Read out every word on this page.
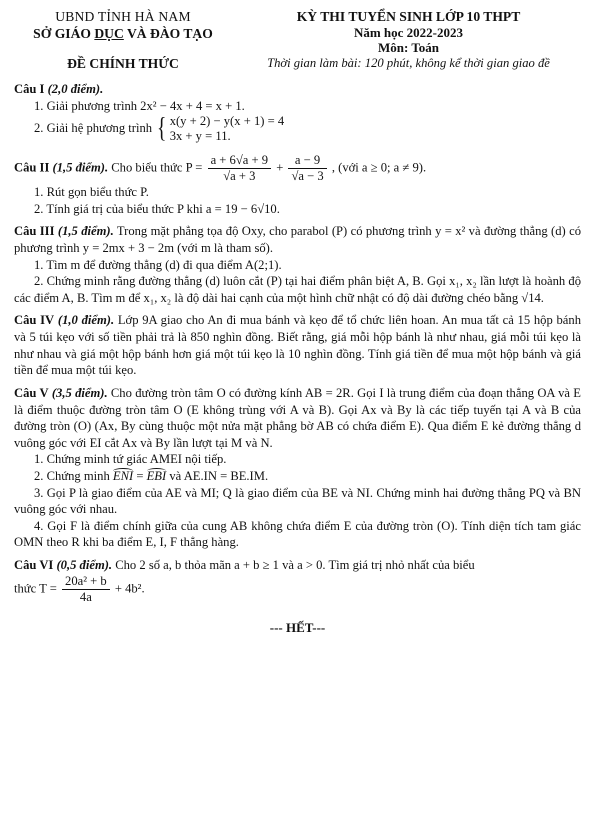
UBND TỈNH HÀ NAM
SỞ GIÁO DỤC VÀ ĐÀO TẠO
ĐỀ CHÍNH THỨC
KỲ THI TUYỂN SINH LỚP 10 THPT
Năm học 2022-2023
Môn: Toán
Thời gian làm bài: 120 phút, không kể thời gian giao đề
Câu I (2,0 điểm).
1. Giải phương trình 2x² − 4x + 4 = x + 1.
2. Giải hệ phương trình { x(y + 2) − y(x + 1) = 4
3x + y = 11.
Câu II (1,5 điểm). Cho biểu thức $P = \frac{a + 6√a + 9}{√a + 3} + \frac{a - 9}{√a - 3}$ , (với a ≥ 0; a ≠ 9).
1. Rút gọn biểu thức P.
2. Tính giá trị của biểu thức P khi a = 19 − 6√10.
Câu III (1,5 điểm). Trong mặt phẳng tọa độ Oxy, cho parabol (P) có phương trình y = x² và đường thẳng (d) có phương trình y = 2mx + 3 − 2m (với m là tham số).
1. Tìm m để đường thẳng (d) đi qua điểm A(2;1).
2. Chứng minh rằng đường thẳng (d) luôn cắt (P) tại hai điểm phân biệt A, B. Gọi x₁, x₂ lần lượt là hoành độ các điểm A, B. Tìm m để x₁, x₂ là độ dài hai cạnh của một hình chữ nhật có độ dài đường chéo bằng √14.
Câu IV (1,0 điểm). Lớp 9A giao cho An đi mua bánh và kẹo để tổ chức liên hoan. An mua tất cả 15 hộp bánh và 5 túi kẹo với số tiền phải trả là 850 nghìn đồng. Biết rằng, giá mỗi hộp bánh là như nhau, giá mỗi túi kẹo là như nhau và giá một hộp bánh hơn giá một túi kẹo là 10 nghìn đồng. Tính giá tiền để mua một hộp bánh và giá tiền để mua một túi kẹo.
Câu V (3,5 điểm). Cho đường tròn tâm O có đường kính AB = 2R. Gọi I là trung điểm của đoạn thẳng OA và E là điểm thuộc đường tròn tâm O (E không trùng với A và B). Gọi Ax và By là các tiếp tuyến tại A và B của đường tròn (O) (Ax, By cùng thuộc một nửa mặt phẳng bờ AB có chứa điểm E). Qua điểm E kẻ đường thẳng d vuông góc với EI cắt Ax và By lần lượt tại M và N.
1. Chứng minh tứ giác AMEI nội tiếp.
2. Chứng minh ENI = EBI và AE.IN = BE.IM.
3. Gọi P là giao điểm của AE và MI; Q là giao điểm của BE và NI. Chứng minh hai đường thẳng PQ và BN vuông góc với nhau.
4. Gọi F là điểm chính giữa của cung AB không chứa điểm E của đường tròn (O). Tính diện tích tam giác OMN theo R khi ba điểm E, I, F thẳng hàng.
Câu VI (0,5 điểm). Cho 2 số a, b thỏa mãn a + b ≥ 1 và a > 0. Tìm giá trị nhỏ nhất của biểu
thức $T = \frac{\text{20a² + b}}{4a} + 4b^2$.
--- HẾT---
